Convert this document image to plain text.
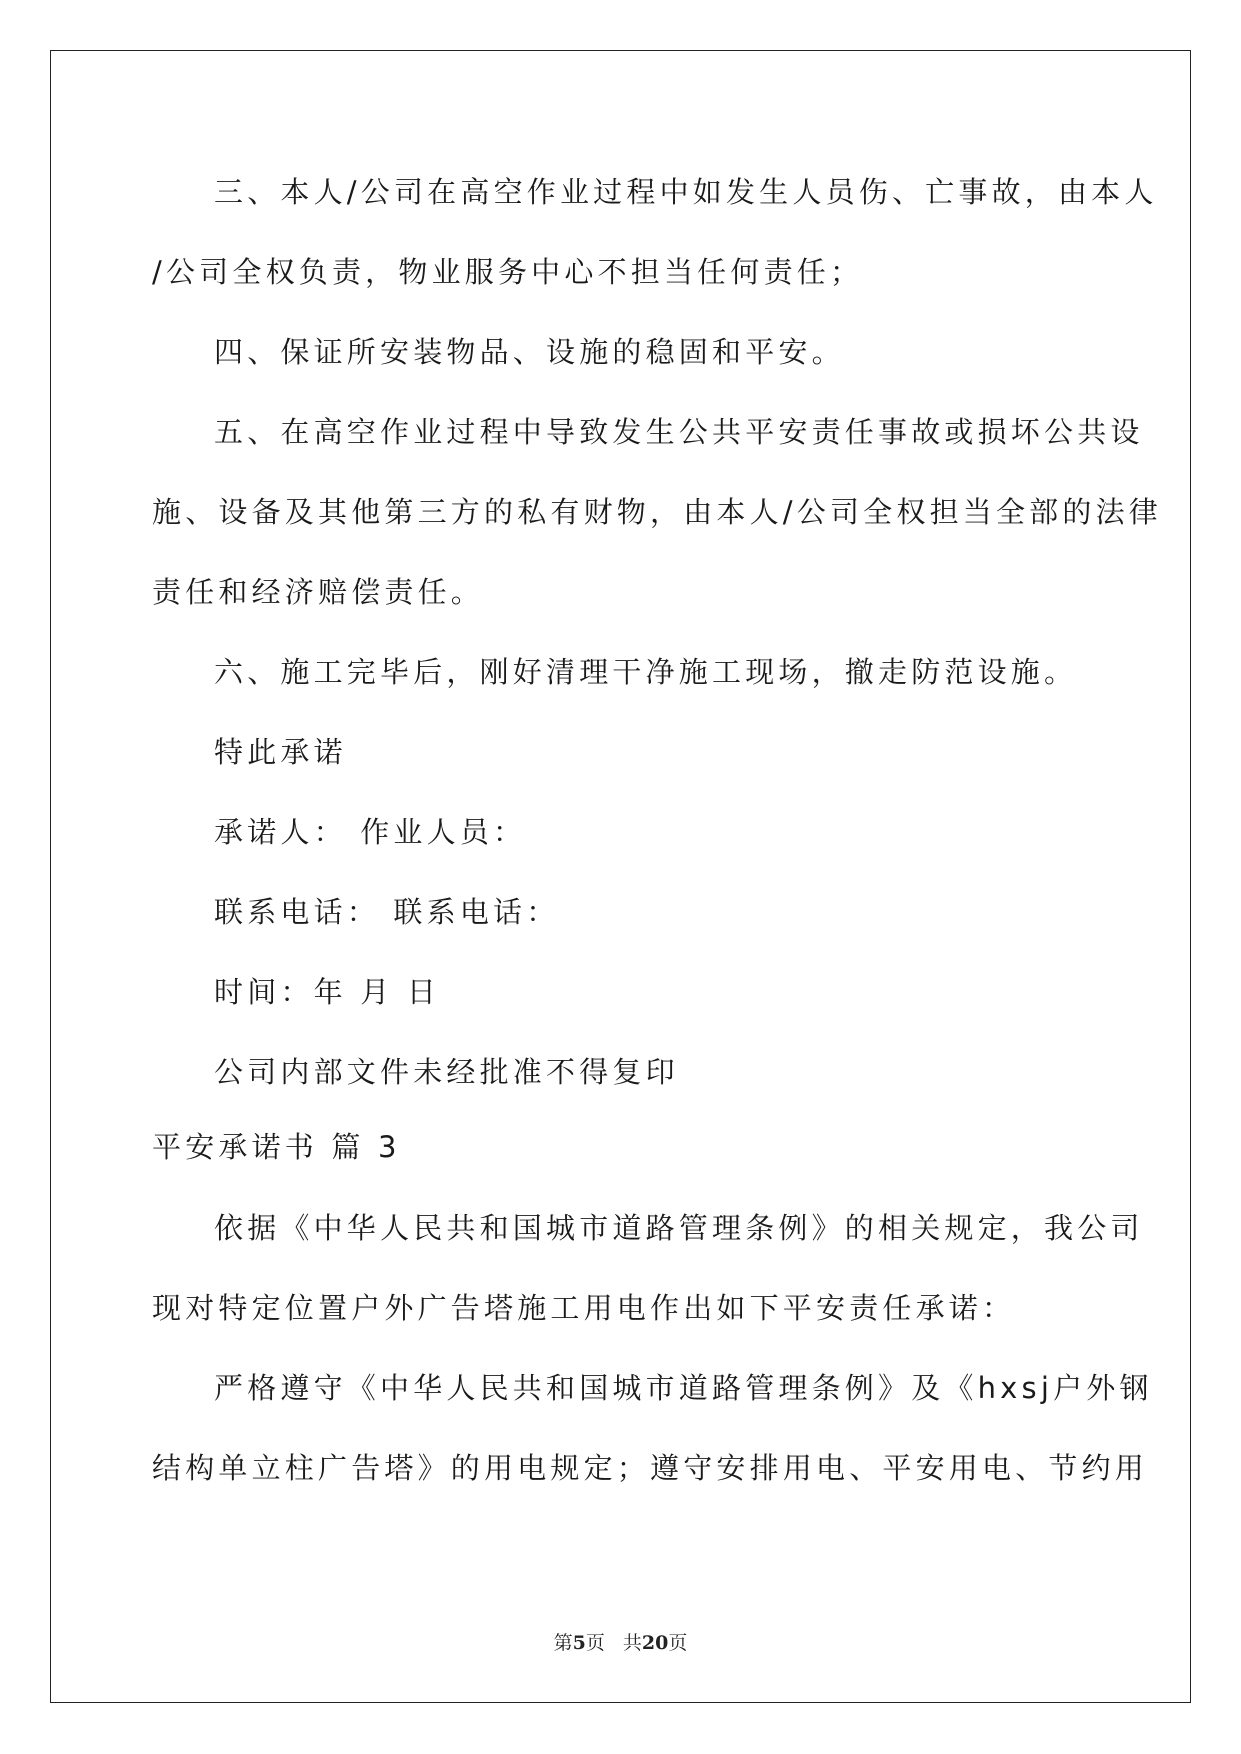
三、本人/公司在高空作业过程中如发生人员伤、亡事故，由本人
/公司全权负责，物业服务中心不担当任何责任；
四、保证所安装物品、设施的稳固和平安。
五、在高空作业过程中导致发生公共平安责任事故或损坏公共设
施、设备及其他第三方的私有财物，由本人/公司全权担当全部的法律
责任和经济赔偿责任。
六、施工完毕后，刚好清理干净施工现场，撤走防范设施。
特此承诺
承诺人： 作业人员：
联系电话： 联系电话：
时间：年 月 日
公司内部文件未经批准不得复印
平安承诺书 篇 3
依据《中华人民共和国城市道路管理条例》的相关规定，我公司
现对特定位置户外广告塔施工用电作出如下平安责任承诺：
严格遵守《中华人民共和国城市道路管理条例》及《hxsj户外钢
结构单立柱广告塔》的用电规定；遵守安排用电、平安用电、节约用
第5页 共20页
